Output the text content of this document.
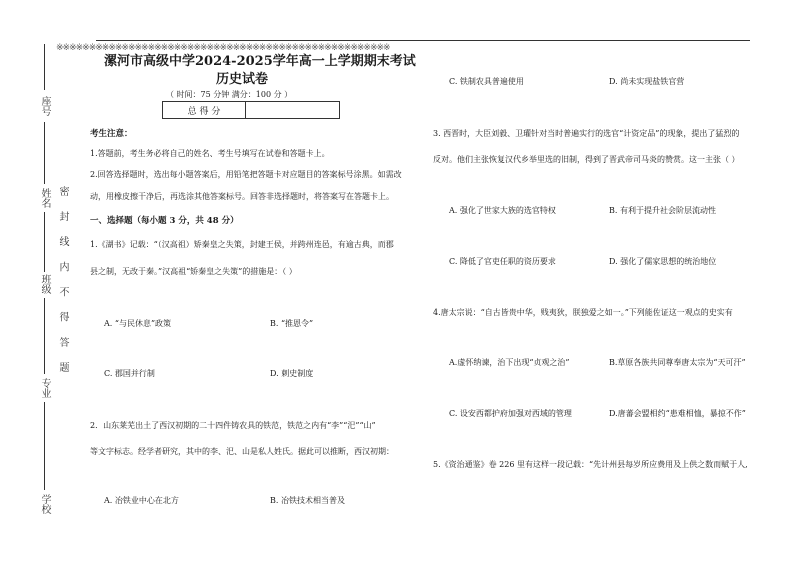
※※※※※※※※※※※※※※※※※※※※※※※※※※※※※※※※※※※※※※※※※※※※※※※※※※※
座号
姓名
班级
专业
学校
密 封 线 内 不 得 答 题
漯河市高级中学2024-2025学年高一上学期期末考试
历史试卷
（ 时间：75 分钟 满分：100 分 ）
总 得 分	
考生注意：
1.答题前，考生务必将自己的姓名、考生号填写在试卷和答题卡上。
2.回答选择题时，选出每小题答案后，用铅笔把答题卡对应题目的答案标号涂黑。如需改
动，用橡皮擦干净后，再选涂其他答案标号。回答非选择题时，将答案写在答题卡上。
一、选择题（每小题 3 分，共 48 分）
1.《湖书》记载：“（汉高祖）矫秦皇之失策，封建王侯，并跨州连邑，有逾古典，而郡
县之制，无改于秦。”汉高祖“矫秦皇之失策”的措施是：（ ）
A. “与民休息”政策	B. “推恩令”
C. 郡国并行制	D. 刺史制度
2．山东莱芜出土了西汉初期的二十四件铸农具的铁范，铁范之内有“李”“汜”“山”
等文字标志。经学者研究，其中的李、汜、山是私人姓氏。据此可以推断，西汉初期：
A. 冶铁业中心在北方	B. 冶铁技术相当普及
C. 铁制农具普遍使用	D. 尚未实现盐铁官营
3. 西晋时，大臣刘毅、卫瓘针对当时普遍实行的选官“计资定品”的现象，提出了猛烈的
反对。他们主张恢复汉代乡举里选的旧制，得到了晋武帝司马炎的赞赏。这一主张（ ）
A. 强化了世家大族的选官特权	B. 有利于提升社会阶层流动性
C. 降低了官吏任职的资历要求	D. 强化了儒家思想的统治地位
4.唐太宗说：“自古皆贵中华，贱夷狄，朕独爱之如一。”下列能佐证这一观点的史实有
A.虚怀纳谏，治下出现“贞观之治”	B.草原各族共同尊奉唐太宗为“天可汗”
C. 设安西都护府加强对西域的管理	D.唐蕃会盟相约“患难相恤，暴掠不作”
5.《资治通鉴》卷 226 里有这样一段记载：“先计州县每岁所应费用及上供之数而赋于人,
